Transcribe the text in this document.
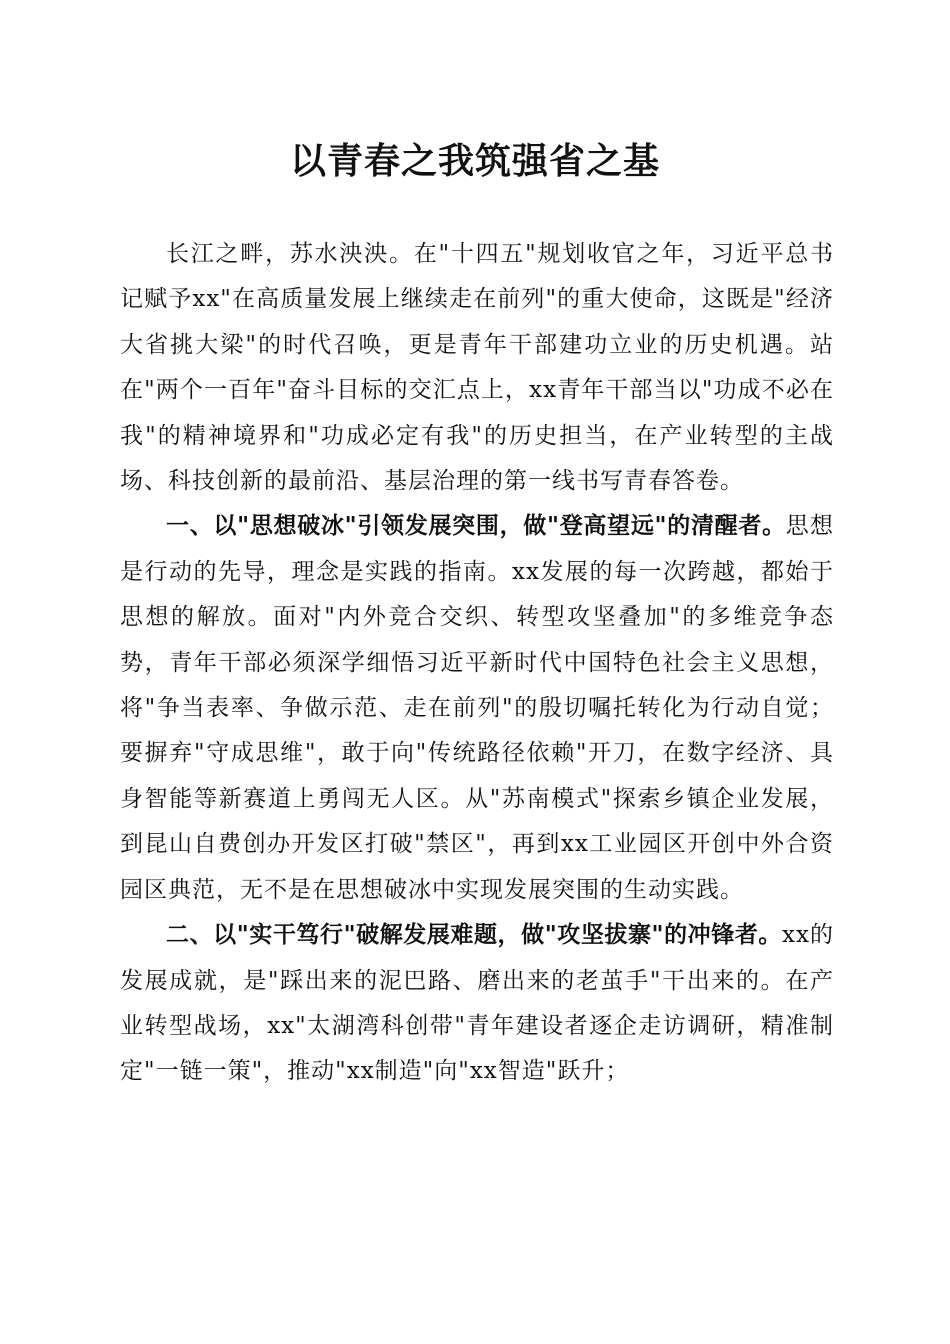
以青春之我筑强省之基

长江之畔，苏水泱泱。在"十四五"规划收官之年，习近平总书记赋予xx"在高质量发展上继续走在前列"的重大使命，这既是"经济大省挑大梁"的时代召唤，更是青年干部建功立业的历史机遇。站在"两个一百年"奋斗目标的交汇点上，xx青年干部当以"功成不必在我"的精神境界和"功成必定有我"的历史担当，在产业转型的主战场、科技创新的最前沿、基层治理的第一线书写青春答卷。

一、以"思想破冰"引领发展突围，做"登高望远"的清醒者。思想是行动的先导，理念是实践的指南。xx发展的每一次跨越，都始于思想的解放。面对"内外竞合交织、转型攻坚叠加"的多维竞争态势，青年干部必须深学细悟习近平新时代中国特色社会主义思想，将"争当表率、争做示范、走在前列"的殷切嘱托转化为行动自觉；要摒弃"守成思维"，敢于向"传统路径依赖"开刀，在数字经济、具身智能等新赛道上勇闯无人区。从"苏南模式"探索乡镇企业发展，到昆山自费创办开发区打破"禁区"，再到xx工业园区开创中外合资园区典范，无不是在思想破冰中实现发展突围的生动实践。

二、以"实干笃行"破解发展难题，做"攻坚拔寨"的冲锋者。xx的发展成就，是"踩出来的泥巴路、磨出来的老茧手"干出来的。在产业转型战场，xx"太湖湾科创带"青年建设者逐企走访调研，精准制定"一链一策"，推动"xx制造"向"xx智造"跃升；
